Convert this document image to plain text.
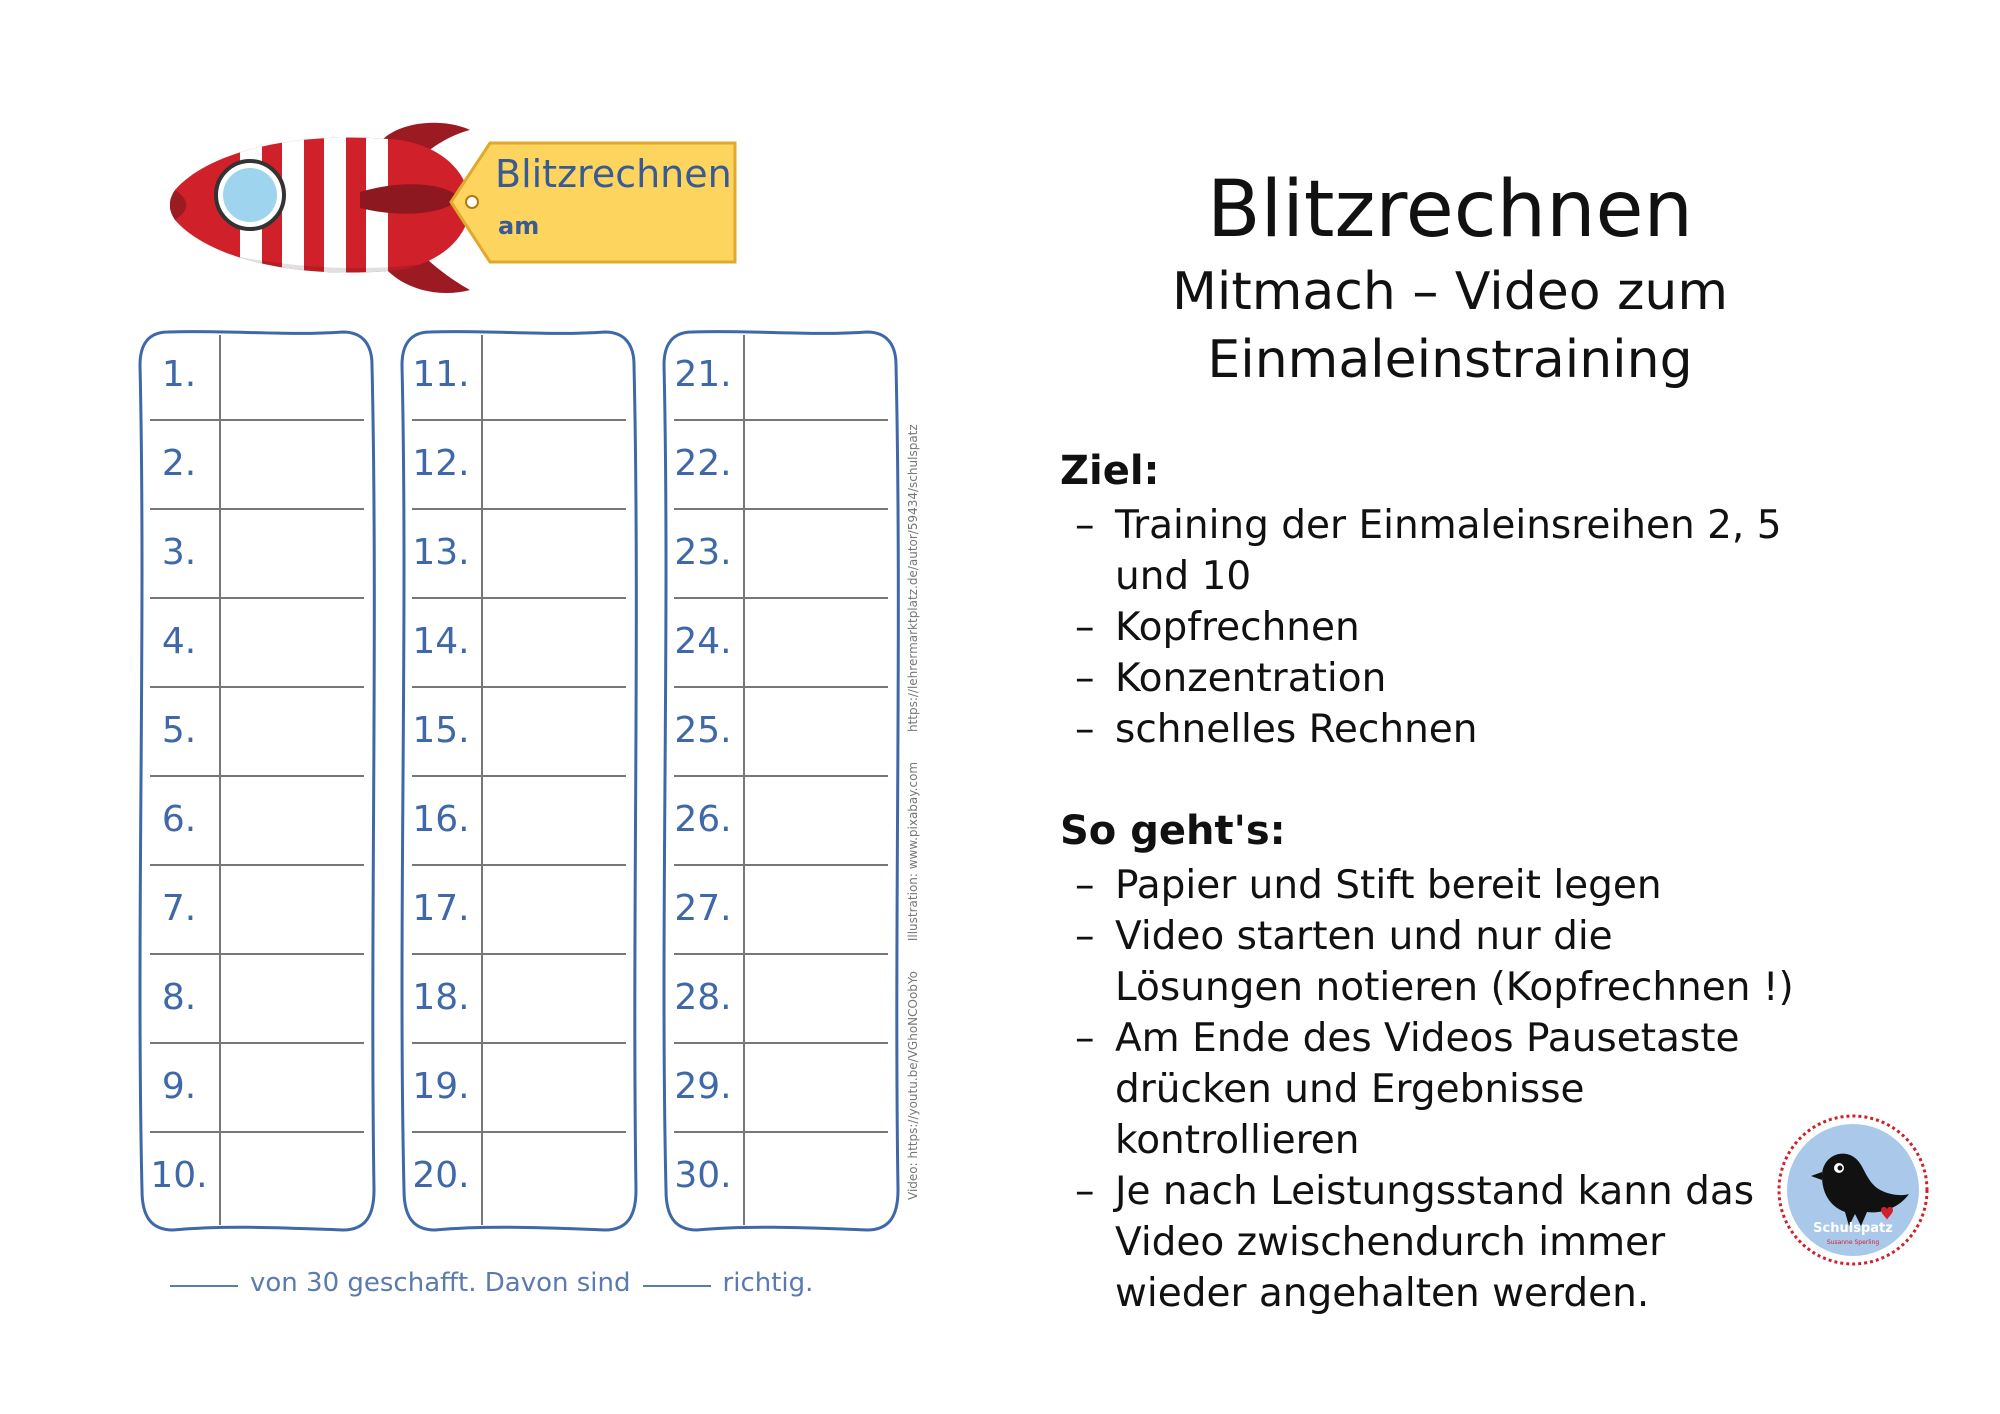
Blitzrechnen
am
1.
2.
3.
4.
5.
6.
7.
8.
9.
10.
11.
12.
13.
14.
15.
16.
17.
18.
19.
20.
21.
22.
23.
24.
25.
26.
27.
28.
29.
30.
von 30 geschafft. Davon sind	richtig.
Video: https://youtu.be/VGhoNCOobYo Illustration: www.pixabay.com https://lehrermarktplatz.de/autor/59434/schulspatz
Blitzrechnen
Mitmach – Video zum
Einmaleinstraining
Ziel:
– Training der Einmaleinsreihen 2, 5 und 10
– Kopfrechnen
– Konzentration
– schnelles Rechnen
So geht's:
– Papier und Stift bereit legen
– Video starten und nur die Lösungen notieren (Kopfrechnen !)
– Am Ende des Videos Pausetaste drücken und Ergebnisse kontrollieren
– Je nach Leistungsstand kann das Video zwischendurch immer wieder angehalten werden.
Schulspatz
Susanne Sperling
